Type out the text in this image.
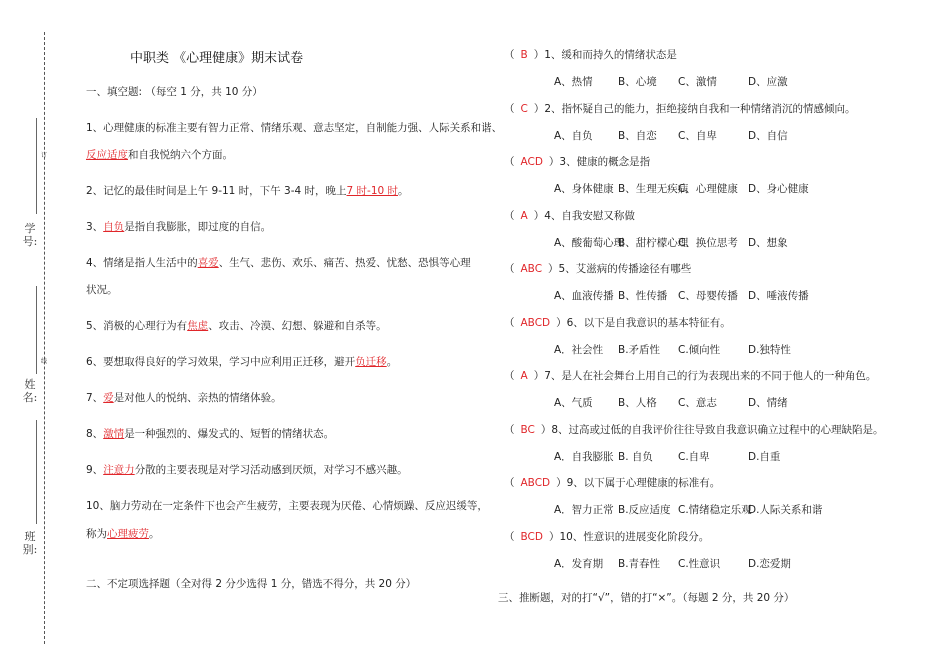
订
线
学号:
姓名:
班别:
中职类 《心理健康》期末试卷
一、填空题: （每空 1 分，共 10 分）
1、心理健康的标准主要有智力正常、情绪乐观、意志坚定，自制能力强、人际关系和谐、
反应适度和自我悦纳六个方面。
2、记忆的最佳时间是上午 9-11 时，下午 3-4 时，晚上7 时-10 时。
3、自负是指自我膨胀，即过度的自信。
4、情绪是指人生活中的喜爱、生气、悲伤、欢乐、痛苦、热爱、忧愁、恐惧等心理
状况。
5、消极的心理行为有焦虑、攻击、冷漠、幻想、躲避和自杀等。
6、要想取得良好的学习效果，学习中应利用正迁移，避开负迁移。
7、爱是对他人的悦纳、亲热的情绪体验。
8、激情是一种强烈的、爆发式的、短暂的情绪状态。
9、注意力分散的主要表现是对学习活动感到厌烦，对学习不感兴趣。
10、脑力劳动在一定条件下也会产生疲劳，主要表现为厌倦、心情烦躁、反应迟缓等，
称为心理疲劳。
二、不定项选择题（全对得 2 分少选得 1 分，错选不得分，共 20 分）
（ B ）1、缓和而持久的情绪状态是
A、热情 B、心境 C、激情	D、应激
（ C ）2、指怀疑自己的能力，拒绝接纳自我和一种情绪消沉的情感倾向。
A、自负 B、自恋 C、自卑	D、自信
（ ACD ）3、健康的概念是指
A、身体健康 B、生理无疾病
C、心理健康 D、身心健康
（ A ）4、自我安慰又称做
A、酸葡萄心理
B、甜柠檬心理
C、换位思考 D、想象
（ ABC ）5、艾滋病的传播途径有哪些
A、血液传播 B、性传播 C、母婴传播 D、唾液传播
（ ABCD ）6、以下是自我意识的基本特征有。
A．社会性 B.矛盾性 C.倾向性	D.独特性
（ A ）7、是人在社会舞台上用自己的行为表现出来的不同于他人的一种角色。
A、气质 B、人格 C、意志	D、情绪
（ BC ）8、过高或过低的自我评价往往导致自我意识确立过程中的心理缺陷是。
A．自我膨胀 B. 自负 C.自卑	D.自重
（ ABCD ）9、以下属于心理健康的标准有。
A．智力正常 B.反应适度 C.情绪稳定乐观
D.人际关系和谐
（ BCD ）10、性意识的进展变化阶段分。
A．发育期 B.青春性 C.性意识	D.恋爱期
三、推断题，对的打“√”，错的打“×”。（每题 2 分，共 20 分）
